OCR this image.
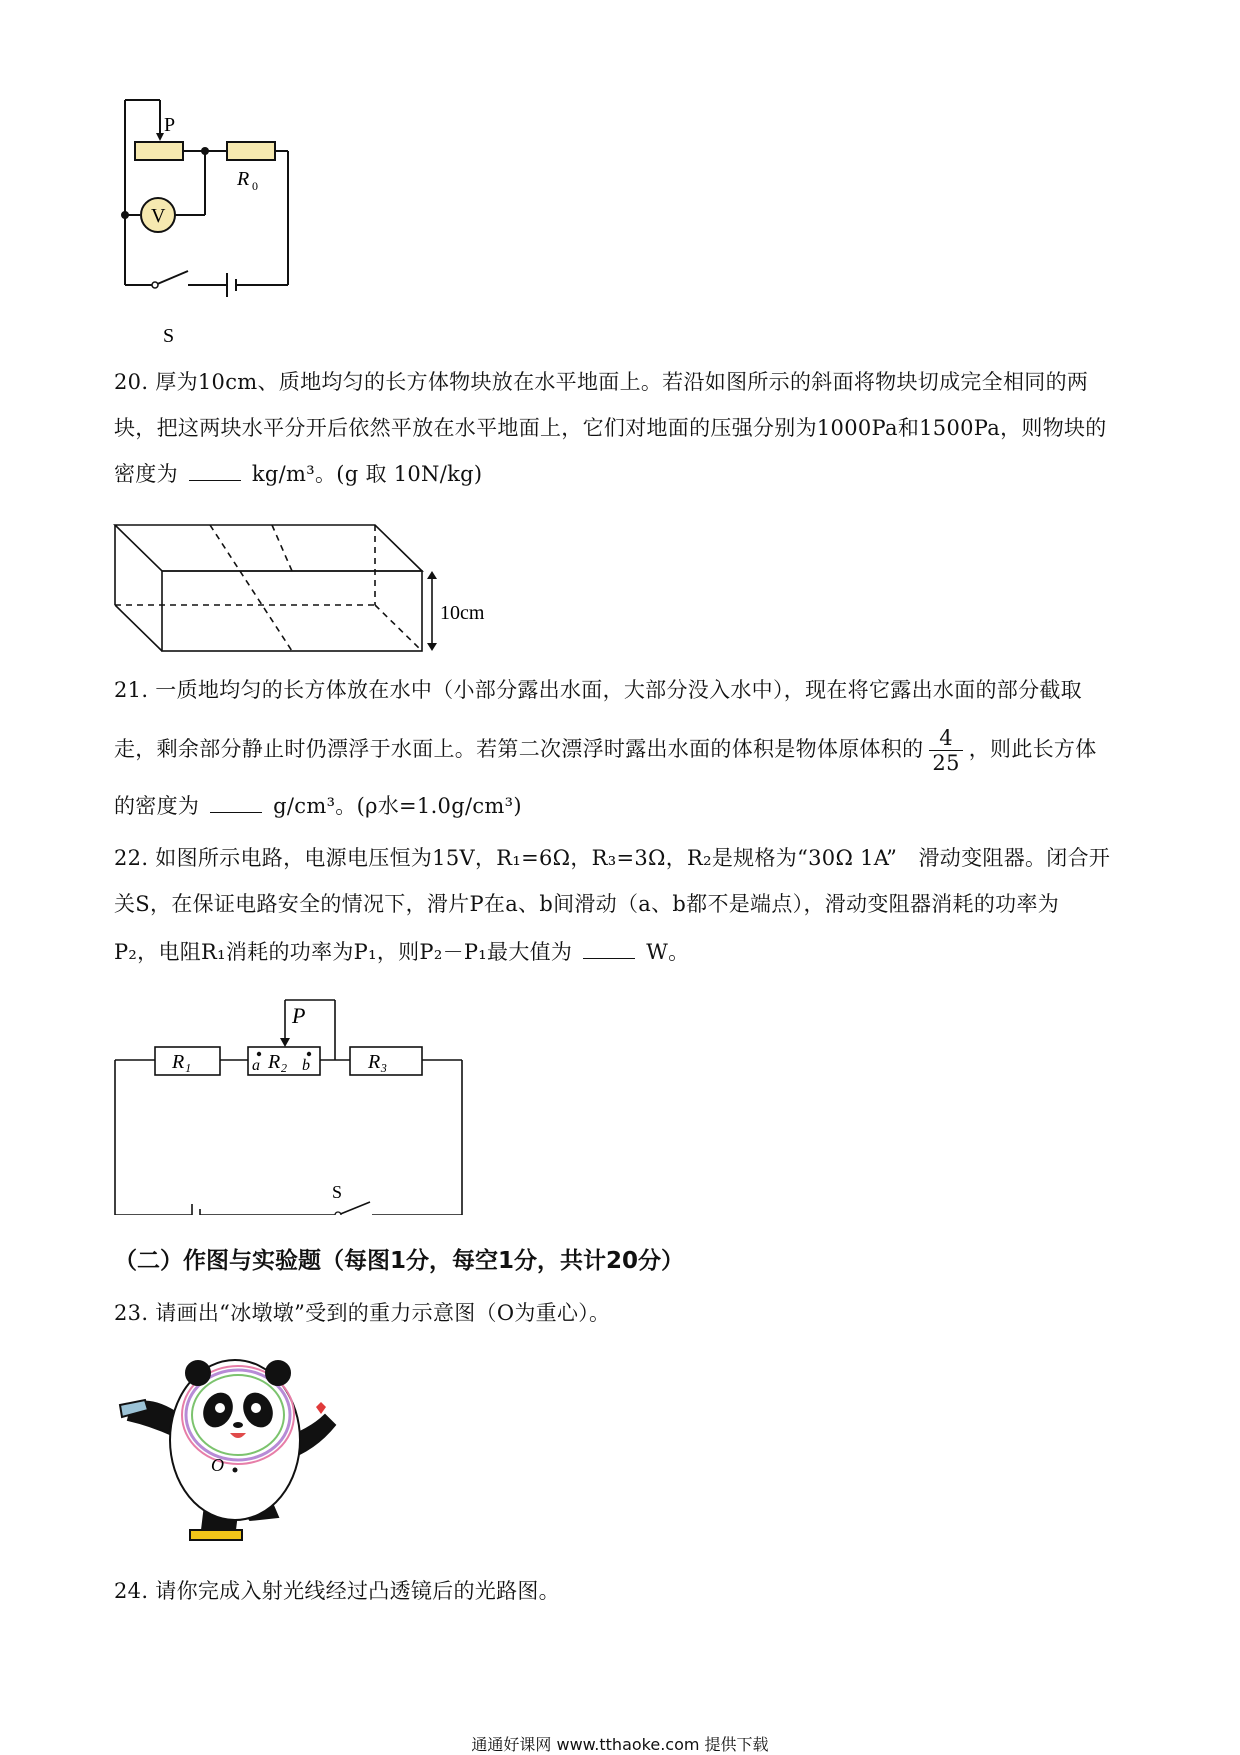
P
R 0
V
S
20. 厚为10cm、质地均匀的长方体物块放在水平地面上。若沿如图所示的斜面将物块切成完全相同的两
块，把这两块水平分开后依然平放在水平地面上，它们对地面的压强分别为1000Pa和1500Pa，则物块的
密度为	kg/m³。(g 取 10N/kg)
10cm
21. 一质地均匀的长方体放在水中（小部分露出水面，大部分没入水中），现在将它露出水面的部分截取
走，剩余部分静止时仍漂浮于水面上。若第二次漂浮时露出水面的体积是物体原体积的 $\frac{4}{25}$ ，则此长方体
的密度为	g/cm³。(ρ水=1.0g/cm³)
22. 如图所示电路，电源电压恒为15V，R₁=6Ω，R₃=3Ω，R₂是规格为“30Ω 1A”　滑动变阻器。闭合开
关S，在保证电路安全的情况下，滑片P在a、b间滑动（a、b都不是端点），滑动变阻器消耗的功率为
P₂，电阻R₁消耗的功率为P₁，则P₂－P₁最大值为	W。
R₁	R₂	R₃
P
a	b
S
（二）作图与实验题（每图1分，每空1分，共计20分）
23. 请画出“冰墩墩”受到的重力示意图（O为重心）。
O
24. 请你完成入射光线经过凸透镜后的光路图。
通通好课网 www.tthaoke.com 提供下载
